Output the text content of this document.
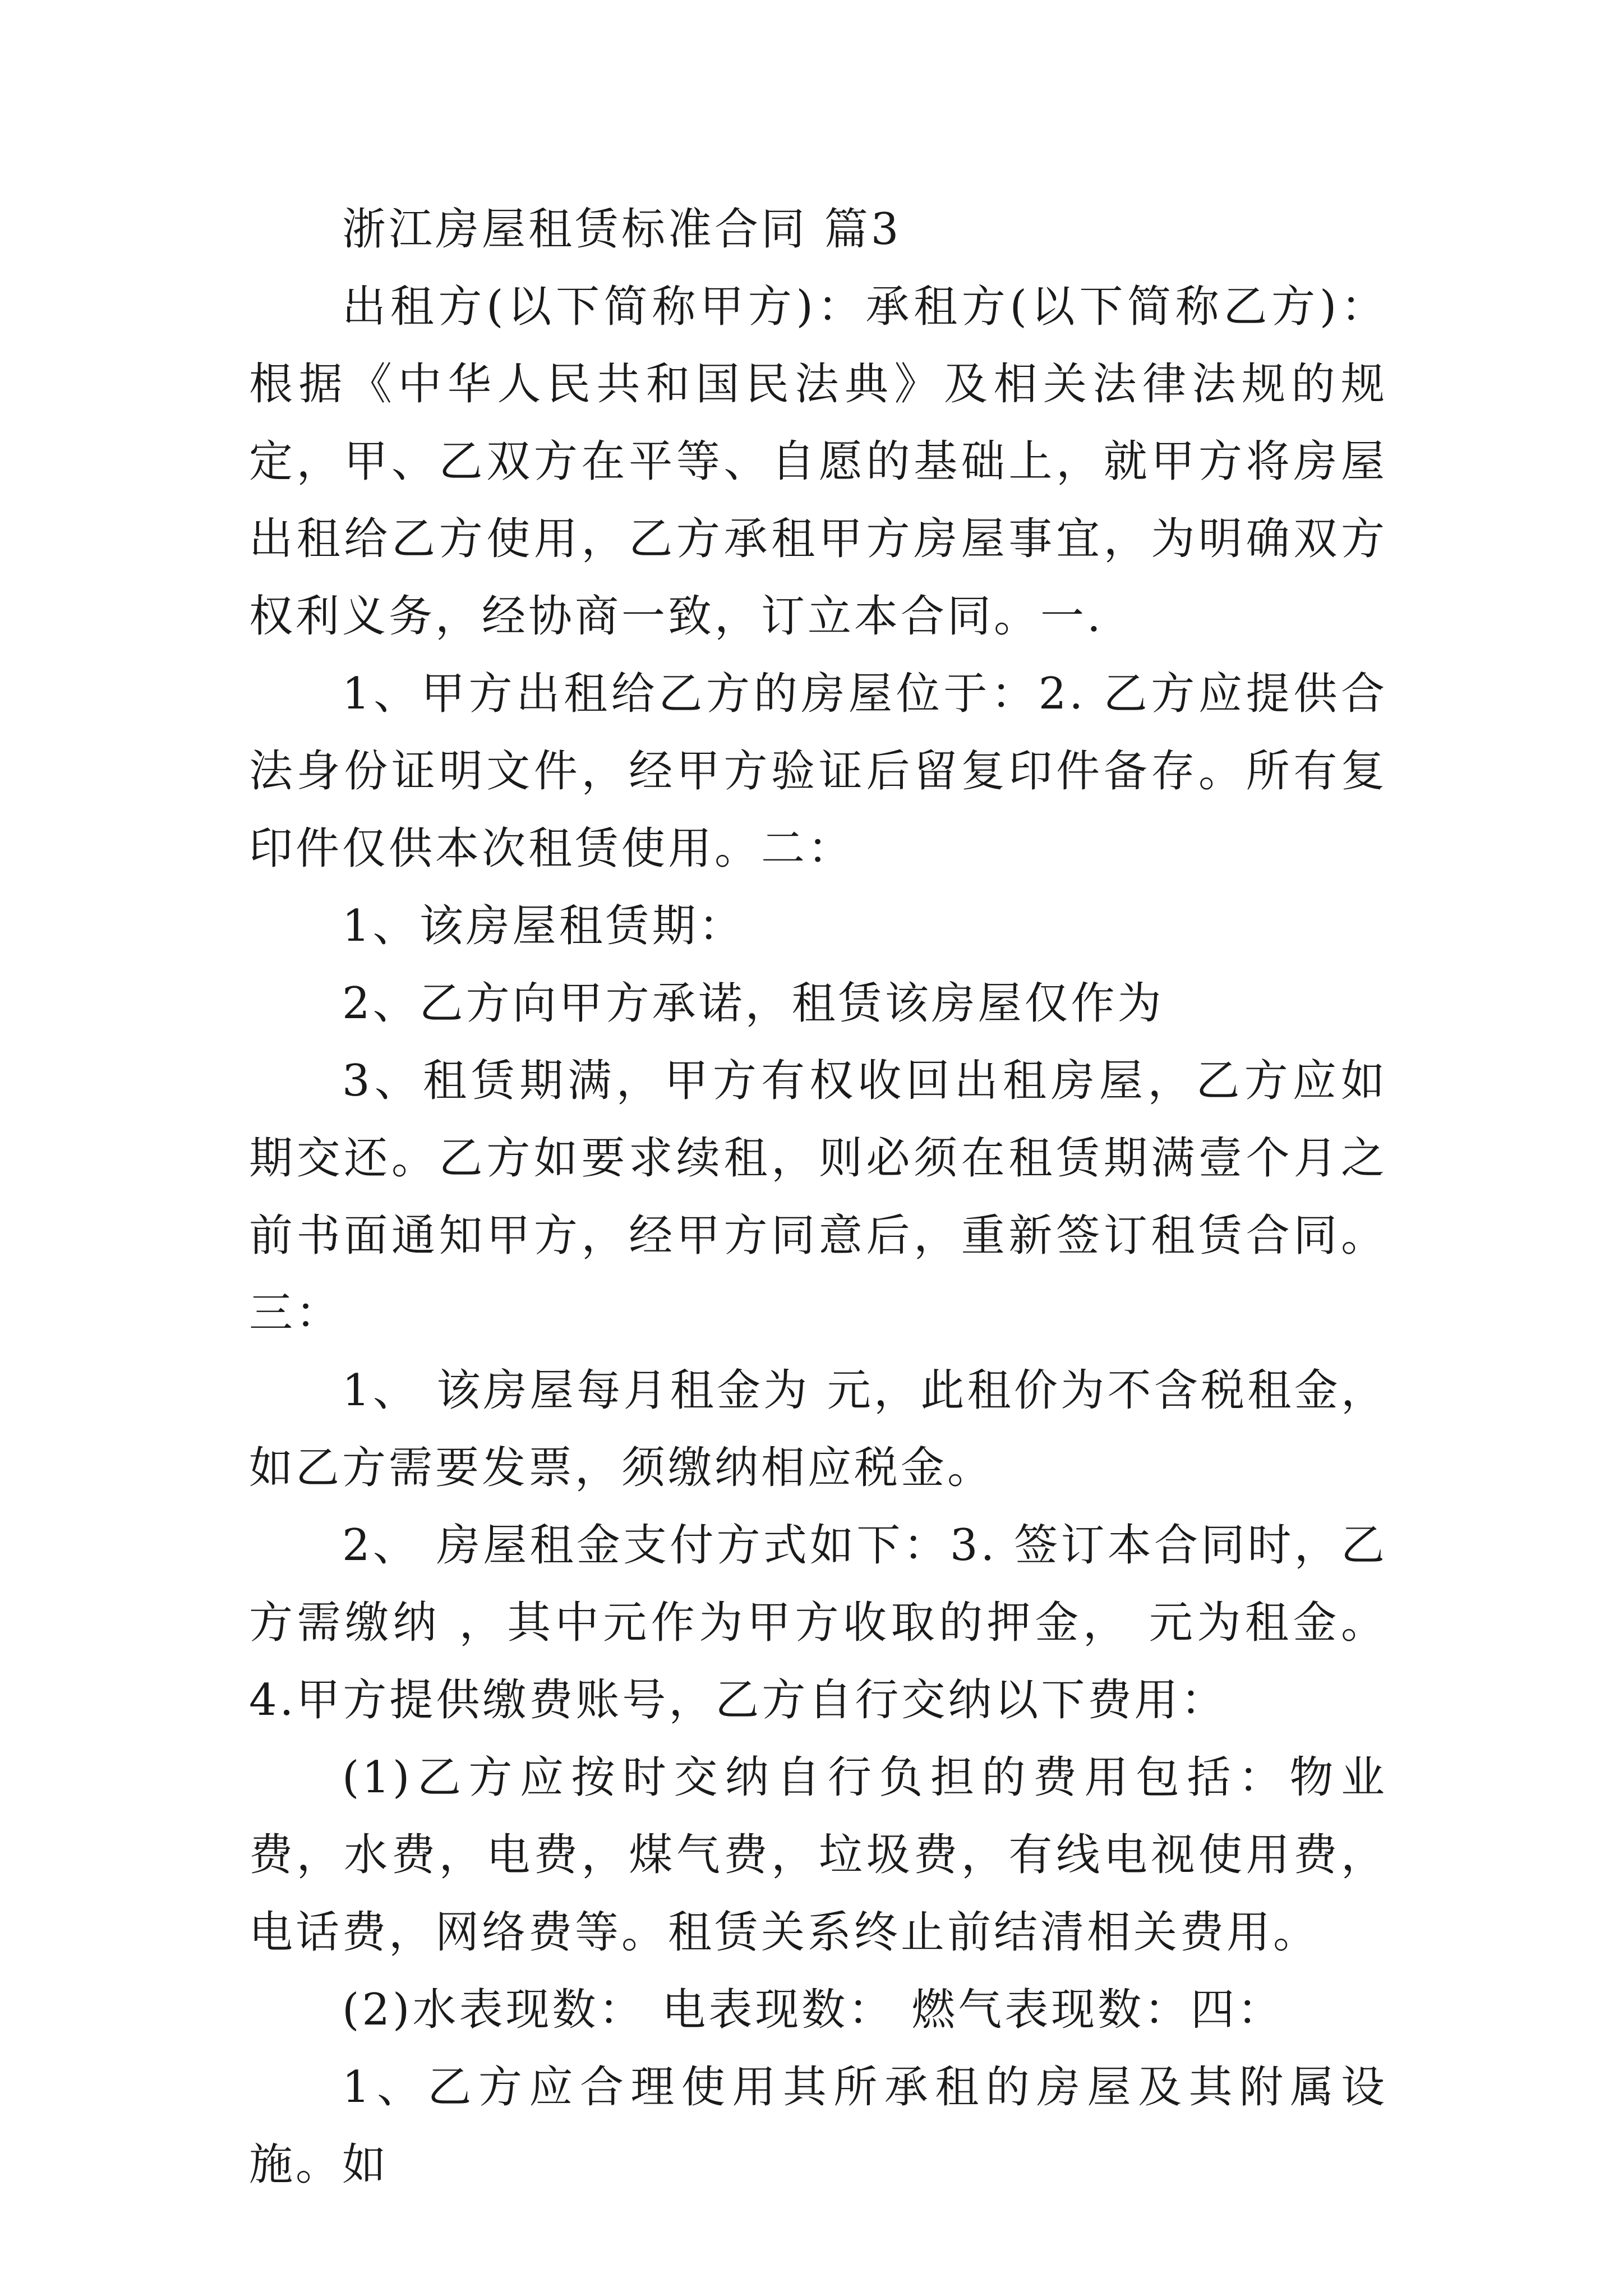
浙江房屋租赁标准合同 篇3

出租方(以下简称甲方)：承租方(以下简称乙方)：根据《中华人民共和国民法典》及相关法律法规的规定，甲、乙双方在平等、自愿的基础上，就甲方将房屋出租给乙方使用，乙方承租甲方房屋事宜，为明确双方权利义务，经协商一致，订立本合同。一.

1、甲方出租给乙方的房屋位于：2. 乙方应提供合法身份证明文件，经甲方验证后留复印件备存。所有复印件仅供本次租赁使用。二：

1、该房屋租赁期：

2、乙方向甲方承诺，租赁该房屋仅作为

3、租赁期满，甲方有权收回出租房屋，乙方应如期交还。乙方如要求续租，则必须在租赁期满壹个月之前书面通知甲方，经甲方同意后，重新签订租赁合同。三：

1、 该房屋每月租金为 元，此租价为不含税租金，如乙方需要发票，须缴纳相应税金。

2、 房屋租金支付方式如下：3. 签订本合同时，乙方需缴纳 ，其中元作为甲方收取的押金， 元为租金。4.甲方提供缴费账号，乙方自行交纳以下费用：

(1)乙方应按时交纳自行负担的费用包括：物业费，水费，电费，煤气费，垃圾费，有线电视使用费，电话费，网络费等。租赁关系终止前结清相关费用。

(2)水表现数： 电表现数： 燃气表现数：四：

1、乙方应合理使用其所承租的房屋及其附属设施。如
